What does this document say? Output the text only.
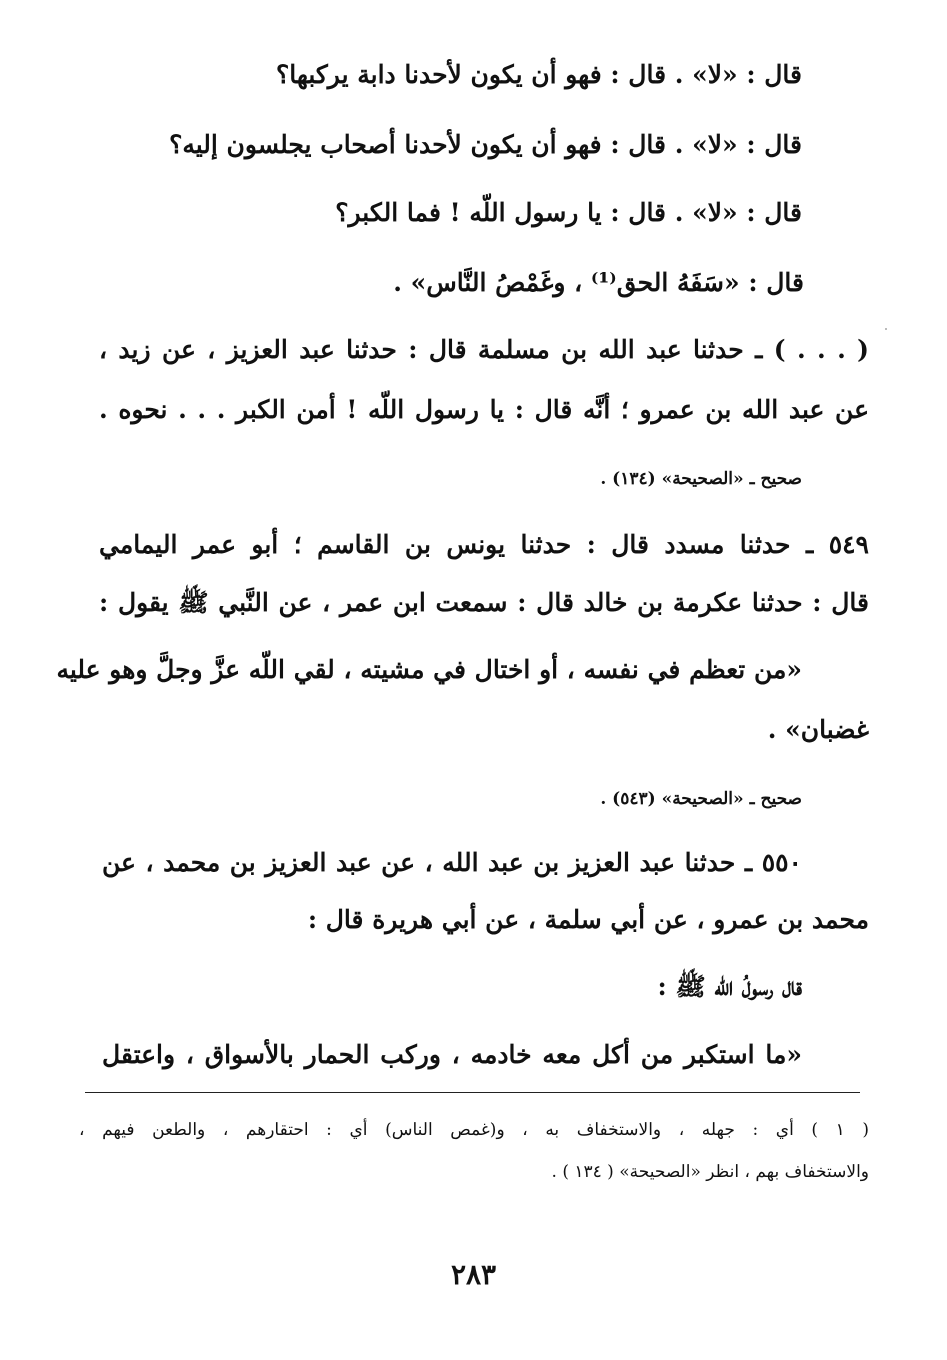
قال : «لا» . قال : فهو أن يكون لأحدنا دابة يركبها؟
قال : «لا» . قال : فهو أن يكون لأحدنا أصحاب يجلسون إليه؟
قال : «لا» . قال : يا رسول اللّه ! فما الكبر؟
قال : «سَفَهُ الحق⁽¹⁾ ، وغَمْصُ النَّاس» .
( . . . ) ـ حدثنا عبد الله بن مسلمة قال : حدثنا عبد العزيز ، عن زيد ،
عن عبد الله بن عمرو ؛ أنَّه قال : يا رسول اللّه ! أمن الكبر . . . نحوه .
صحيح ـ «الصحيحة» (١٣٤) .
٥٤٩ ـ حدثنا مسدد قال : حدثنا يونس بن القاسم ؛ أبو عمر اليمامي
قال : حدثنا عكرمة بن خالد قال : سمعت ابن عمر ، عن النَّبي ﷺ يقول :
«من تعظم في نفسه ، أو اختال في مشيته ، لقي اللّه عزَّ وجلَّ وهو عليه
غضبان» .
صحيح ـ «الصحيحة» (٥٤٣) .
٥٥٠ ـ حدثنا عبد العزيز بن عبد الله ، عن عبد العزيز بن محمد ، عن
محمد بن عمرو ، عن أبي سلمة ، عن أبي هريرة قال :
قال رسولُ اللّه ﷺ :
«ما استكبر من أكل معه خادمه ، وركب الحمار بالأسواق ، واعتقل
( ١ ) أي : جهله ، والاستخفاف به ، و(غمص الناس) أي : احتقارهم ، والطعن فيهم ،
والاستخفاف بهم ، انظر «الصحيحة» ( ١٣٤ ) .
٢٨٣
